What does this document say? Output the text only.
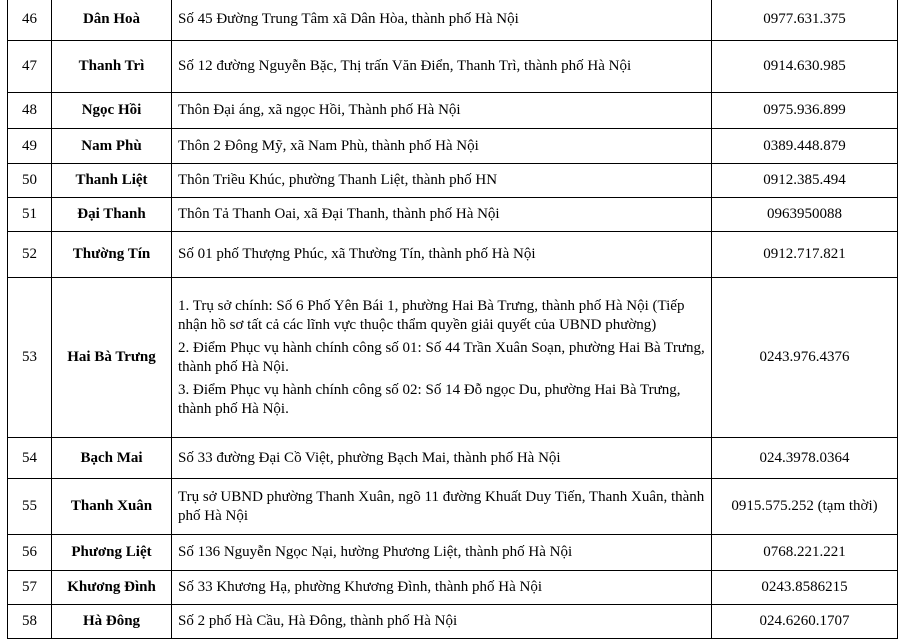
46	Dân Hoà	Số 45 Đường Trung Tâm xã Dân Hòa, thành phố Hà Nội	0977.631.375
47	Thanh Trì	Số 12 đường Nguyễn Bặc, Thị trấn Văn Điển, Thanh Trì, thành phố Hà Nội	0914.630.985
48	Ngọc Hồi	Thôn Đại áng, xã ngọc Hồi, Thành phố Hà Nội	0975.936.899
49	Nam Phù	Thôn 2 Đông Mỹ, xã Nam Phù, thành phố Hà Nội	0389.448.879
50	Thanh Liệt	Thôn Triều Khúc, phường Thanh Liệt, thành phố HN	0912.385.494
51	Đại Thanh	Thôn Tả Thanh Oai, xã Đại Thanh, thành phố Hà Nội	0963950088
52	Thường Tín	Số 01 phố Thượng Phúc, xã Thường Tín, thành phố Hà Nội	0912.717.821
53	Hai Bà Trưng	1. Trụ sở chính: Số 6 Phố Yên Bái 1, phường Hai Bà Trưng, thành phố Hà Nội (Tiếp nhận hồ sơ tất cả các lĩnh vực thuộc thẩm quyền giải quyết của UBND phường)

2. Điểm Phục vụ hành chính công số 01: Số 44 Trần Xuân Soạn, phường Hai Bà Trưng, thành phố Hà Nội.

3. Điểm Phục vụ hành chính công số 02: Số 14 Đỗ ngọc Du, phường Hai Bà Trưng, thành phố Hà Nội.	0243.976.4376
54	Bạch Mai	Số 33 đường Đại Cồ Việt, phường Bạch Mai, thành phố Hà Nội	024.3978.0364
55	Thanh Xuân	Trụ sở UBND phường Thanh Xuân, ngõ 11 đường Khuất Duy Tiến, Thanh Xuân, thành phố Hà Nội	0915.575.252 (tạm thời)
56	Phương Liệt	Số 136 Nguyễn Ngọc Nại, hường Phương Liệt, thành phố Hà Nội	0768.221.221
57	Khương Đình	Số 33 Khương Hạ, phường Khương Đình, thành phố Hà Nội	0243.8586215
58	Hà Đông	Số 2 phố Hà Cầu, Hà Đông, thành phố Hà Nội	024.6260.1707
